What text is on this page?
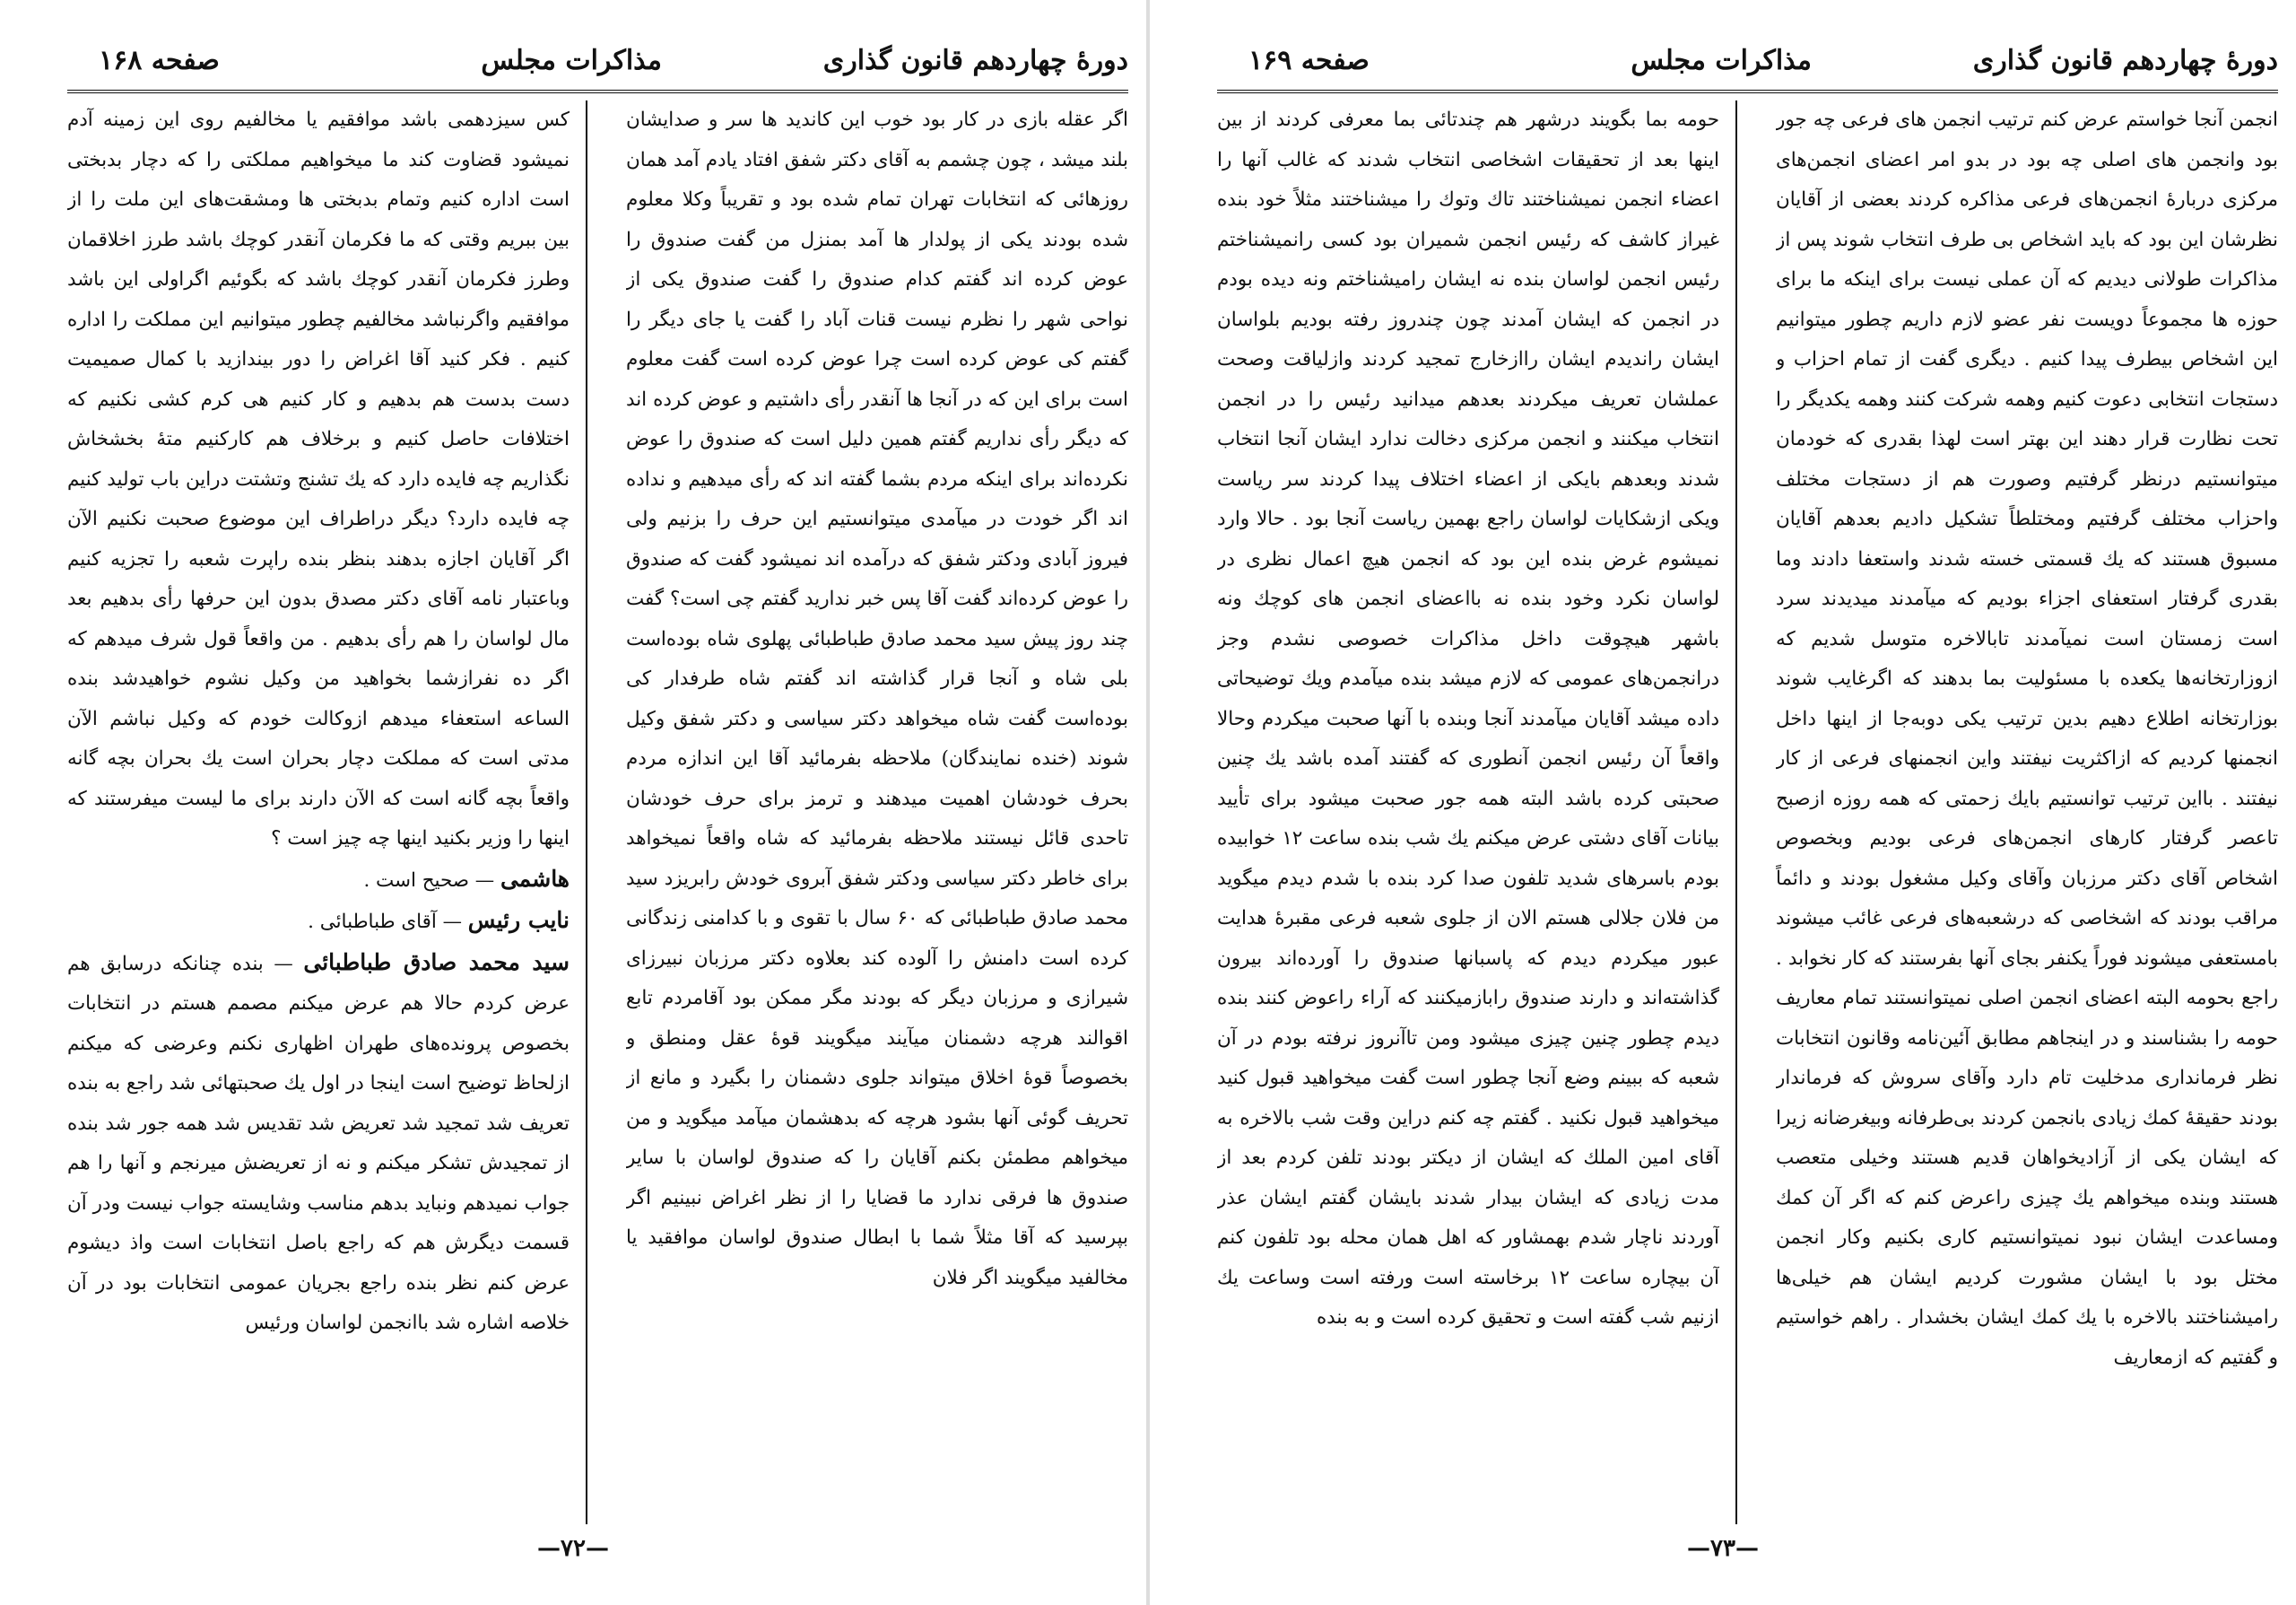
دورهٔ چهاردهم قانون گذاری
مذاکرات مجلس
صفحه ۱۶۸

اگر عقله بازی در کار بود خوب این کاندید ها سر و صدایشان بلند میشد ، چون چشمم به آقای دکتر شفق افتاد یادم آمد همان روزهائی که انتخابات تهران تمام شده بود و تقریباً وکلا معلوم شده بودند یکی از پولدار ها آمد بمنزل من گفت صندوق را عوض کرده اند گفتم کدام صندوق را گفت صندوق یکی از نواحی شهر را نظرم نیست قنات آباد را گفت یا جای دیگر را گفتم کی عوض کرده است چرا عوض کرده است گفت معلوم است برای این که در آنجا ها آنقدر رأی داشتیم و عوض کرده اند که دیگر رأی نداریم گفتم همین دلیل است که صندوق را عوض نکرده‌اند برای اینکه مردم بشما گفته اند که رأی میدهیم و نداده اند اگر خودت در میآمدی میتوانستیم این حرف را بزنیم ولی فیروز آبادی ودکتر شفق که درآمده اند نمیشود گفت که صندوق را عوض کرده‌اند گفت آقا پس خبر ندارید گفتم چی است؟ گفت چند روز پیش سید محمد صادق طباطبائی پهلوی شاه بوده‌است بلی شاه و آنجا قرار گذاشته اند گفتم شاه طرفدار کی بوده‌است گفت شاه میخواهد دکتر سیاسی و دکتر شفق وکیل شوند (خنده نمایندگان) ملاحظه بفرمائید آقا این اندازه مردم بحرف خودشان اهمیت میدهند و ترمز برای حرف خودشان تاحدی قائل نیستند ملاحظه بفرمائید که شاه واقعاً نمیخواهد برای خاطر دکتر سیاسی ودکتر شفق آبروی خودش رابریزد سید محمد صادق طباطبائی که ۶۰ سال با تقوی و با کدامنی زندگانی کرده است دامنش را آلوده کند بعلاوه دکتر مرزبان نبیرزای شیرازی و مرزبان دیگر که بودند مگر ممکن بود آقامردم تابع اقوالند هرچه دشمنان میآیند میگویند قوهٔ عقل ومنطق و بخصوصاً قوهٔ اخلاق میتواند جلوی دشمنان را بگیرد و مانع از تحریف گوئی آنها بشود هرچه که بدهشمان میآمد میگوید و من میخواهم مطمئن بکنم آقایان را که صندوق لواسان با سایر صندوق ها فرقی ندارد ما قضایا را از نظر اغراض نبینیم اگر بپرسید که آقا مثلاً شما با ابطال صندوق لواسان موافقید یا مخالفید میگویند اگر فلان

کس سیزدهمی باشد موافقیم یا مخالفیم روی این زمینه آدم نمیشود قضاوت کند ما میخواهیم مملکتی را که دچار بدبختی است اداره کنیم وتمام بدبختی ها ومشقت‌های این ملت را از بین ببریم وقتی که ما فکرمان آنقدر کوچك باشد طرز اخلاقمان وطرز فکرمان آنقدر کوچك باشد که بگوئیم اگراولی این باشد موافقیم واگرنباشد مخالفیم چطور میتوانیم این مملکت را اداره کنیم . فکر کنید آقا اغراض را دور بیندازید با کمال صمیمیت دست بدست هم بدهیم و کار کنیم هی کرم کشی نکنیم که اختلافات حاصل کنیم و برخلاف هم کارکنیم متهٔ بخشخاش نگذاریم چه فایده دارد که یك تشنج وتشتت دراین باب تولید کنیم چه فایده دارد؟ دیگر دراطراف این موضوع صحبت نکنیم الآن اگر آقایان اجازه بدهند بنظر بنده راپرت شعبه را تجزیه کنیم وباعتبار نامه آقای دکتر مصدق بدون این حرفها رأی بدهیم بعد مال لواسان را هم رأی بدهیم . من واقعاً قول شرف میدهم که اگر ده نفرازشما بخواهید من وکیل نشوم خواهیدشد بنده الساعه استعفاء میدهم ازوکالت خودم که وکیل نباشم الآن مدتی است که مملکت دچار بحران است یك بحران بچه گانه واقعاً بچه گانه است که الآن دارند برای ما لیست میفرستند که اینها را وزیر بکنید اینها چه چیز است ؟

هاشمی — صحیح است .

نایب رئیس — آقای طباطبائی .

سید محمد صادق طباطبائی — بنده چنانکه درسابق هم عرض کردم حالا هم عرض میکنم مصمم هستم در انتخابات بخصوص پرونده‌های طهران اظهاری نکنم وعرضی که میکنم ازلحاظ توضیح است اینجا در اول یك صحبتهائی شد راجع به بنده تعریف شد تمجید شد تعریض شد تقدیس شد همه جور شد بنده از تمجیدش تشکر میکنم و نه از تعریضش میرنجم و آنها را هم جواب نمیدهم ونباید بدهم مناسب وشایسته جواب نیست ودر آن قسمت دیگرش هم که راجع باصل انتخابات است واذ دیشوم عرض کنم نظر بنده راجع بجریان عمومی انتخابات بود در آن خلاصه اشاره شد باانجمن لواسان ورئیس

—۷۲—
دورهٔ چهاردهم قانون گذاری
مذاکرات مجلس
صفحه ۱۶۹

انجمن آنجا خواستم عرض کنم ترتیب انجمن های فرعی چه جور بود وانجمن های اصلی چه بود در بدو امر اعضای انجمن‌های مرکزی دربارهٔ انجمن‌های فرعی مذاکره کردند بعضی از آقایان نظرشان این بود که باید اشخاص بی طرف انتخاب شوند پس از مذاکرات طولانی دیدیم که آن عملی نیست برای اینکه ما برای حوزه ها مجموعاً دویست نفر عضو لازم داریم چطور میتوانیم این اشخاص بیطرف پیدا کنیم . دیگری گفت از تمام احزاب و دستجات انتخابی دعوت کنیم وهمه شرکت کنند وهمه یکدیگر را تحت نظارت قرار دهند این بهتر است لهذا بقدری که خودمان میتوانستیم درنظر گرفتیم وصورت هم از دستجات مختلف واحزاب مختلف گرفتیم ومختلطاً تشکیل دادیم بعدهم آقایان مسبوق هستند که یك قسمتی خسته شدند واستعفا دادند وما بقدری گرفتار استعفای اجزاء بودیم که میآمدند میدیدند سرد است زمستان است نمیآمدند تابالاخره متوسل شدیم که ازوزارتخانه‌ها یکعده با مسئولیت بما بدهند که اگرغایب شوند بوزارتخانه اطلاع دهیم بدین ترتیب یکی دوبه‌جا از اینها داخل انجمنها کردیم که ازاکثریت نیفتند واین انجمنهای فرعی از کار نیفتند . بااین ترتیب توانستیم بایك زحمتی که همه روزه ازصبح تاعصر گرفتار کارهای انجمن‌های فرعی بودیم وبخصوص اشخاص آقای دکتر مرزبان وآقای وکیل مشغول بودند و دائماً مراقب بودند که اشخاصی که درشعبه‌های فرعی غائب میشوند بامستعفی میشوند فوراً یکنفر بجای آنها بفرستند که کار نخوابد . راجع بحومه البته اعضای انجمن اصلی نمیتوانستند تمام معاریف حومه را بشناسند و در اینجاهم مطابق آئین‌نامه وقانون انتخابات نظر فرمانداری مدخلیت تام دارد وآقای سروش که فرماندار بودند حقیقهٔ کمك زیادی بانجمن کردند بی‌طرفانه وبیغرضانه زیرا که ایشان یکی از آزادیخواهان قدیم هستند وخیلی متعصب هستند وبنده میخواهم یك چیزی راعرض کنم که اگر آن کمك ومساعدت ایشان نبود نمیتوانستیم کاری بکنیم وکار انجمن مختل بود با ایشان مشورت کردیم ایشان هم خیلی‌ها رامیشناختند بالاخره با یك کمك ایشان بخشدار . راهم خواستیم و گفتیم که ازمعاریف

حومه بما بگویند درشهر هم چندتائی بما معرفی کردند از بین اینها بعد از تحقیقات اشخاصی انتخاب شدند که غالب آنها را اعضاء انجمن نمیشناختند تاك وتوك را میشناختند مثلاً خود بنده غیراز کاشف که رئیس انجمن شمیران بود کسی رانمیشناختم رئیس انجمن لواسان بنده نه ایشان رامیشناختم ونه دیده بودم در انجمن که ایشان آمدند چون چندروز رفته بودیم بلواسان ایشان راندیدم ایشان راازخارج تمجید کردند وازلیاقت وصحت عملشان تعریف میکردند بعدهم میدانید رئیس را در انجمن انتخاب میکنند و انجمن مرکزی دخالت ندارد ایشان آنجا انتخاب شدند وبعدهم بایکی از اعضاء اختلاف پیدا کردند سر ریاست ویکی ازشکایات لواسان راجع بهمین ریاست آنجا بود . حالا وارد نمیشوم غرض بنده این بود که انجمن هیچ اعمال نظری در لواسان نکرد وخود بنده نه بااعضای انجمن های کوچك ونه باشهر هیچوقت داخل مذاکرات خصوصی نشدم وجز درانجمن‌های عمومی که لازم میشد بنده میآمدم ویك توضیحاتی داده میشد آقایان میآمدند آنجا وبنده با آنها صحبت میکردم وحالا واقعاً آن رئیس انجمن آنطوری که گفتند آمده باشد یك چنین صحبتی کرده باشد البته همه جور صحبت میشود برای تأیید بیانات آقای دشتی عرض میکنم یك شب بنده ساعت ۱۲ خوابیده بودم باسرهای شدید تلفون صدا کرد بنده با شدم دیدم میگوید من فلان جلالی هستم الان از جلوی شعبه فرعی مقبرهٔ هدایت عبور میکردم دیدم که پاسبانها صندوق را آورده‌اند بیرون گذاشته‌اند و دارند صندوق رابازمیکنند که آراء راعوض کنند بنده دیدم چطور چنین چیزی میشود ومن تاآنروز نرفته بودم در آن شعبه که ببینم وضع آنجا چطور است گفت میخواهید قبول کنید میخواهید قبول نکنید . گفتم چه کنم دراین وقت شب بالاخره به آقای امین الملك که ایشان از دیکتر بودند تلفن کردم بعد از مدت زیادی که ایشان بیدار شدند بایشان گفتم ایشان عذر آوردند ناچار شدم بهمشاور که اهل همان محله بود تلفون کنم آن بیچاره ساعت ۱۲ برخاسته است ورفته است وساعت یك ازنیم شب گفته است و تحقیق کرده است و به بنده

—۷۳—
